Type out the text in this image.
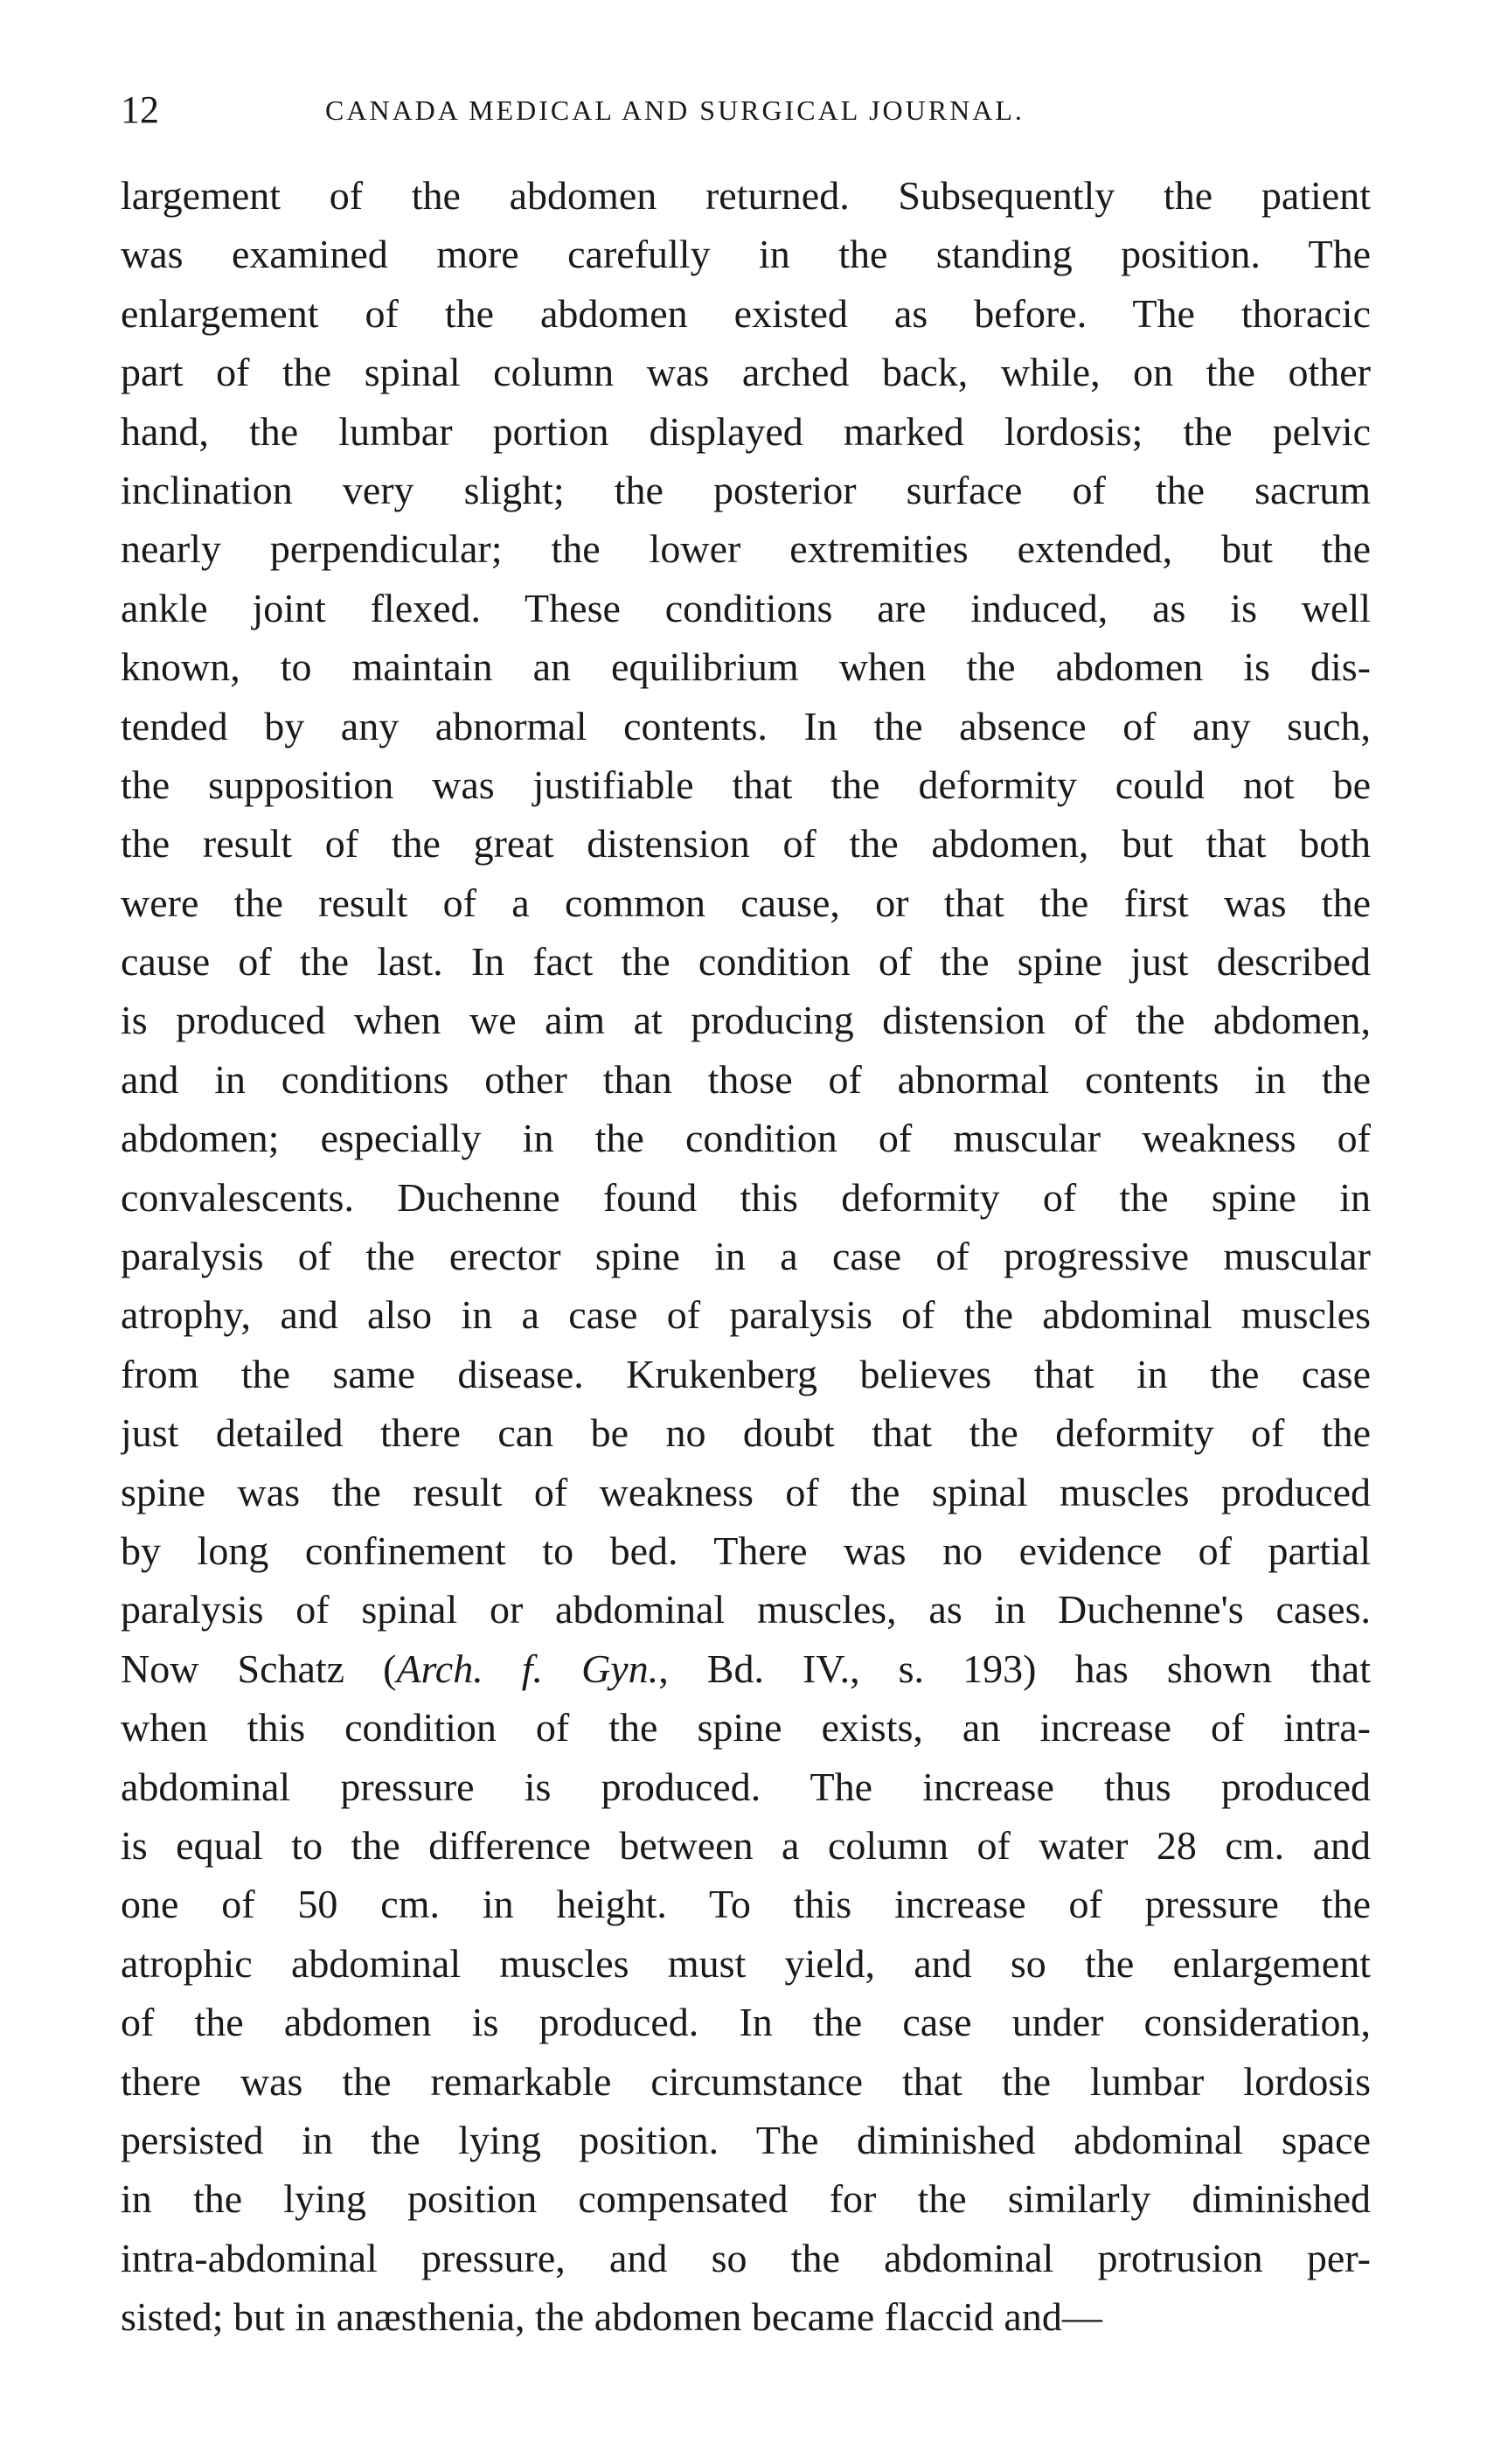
12	CANADA MEDICAL AND SURGICAL JOURNAL.
largement of the abdomen returned. Subsequently the patient
was examined more carefully in the standing position. The
enlargement of the abdomen existed as before. The thoracic
part of the spinal column was arched back, while, on the other
hand, the lumbar portion displayed marked lordosis; the pelvic
inclination very slight; the posterior surface of the sacrum
nearly perpendicular; the lower extremities extended, but the
ankle joint flexed. These conditions are induced, as is well
known, to maintain an equilibrium when the abdomen is dis-
tended by any abnormal contents. In the absence of any such,
the supposition was justifiable that the deformity could not be
the result of the great distension of the abdomen, but that both
were the result of a common cause, or that the first was the
cause of the last. In fact the condition of the spine just described
is produced when we aim at producing distension of the abdomen,
and in conditions other than those of abnormal contents in the
abdomen; especially in the condition of muscular weakness of
convalescents. Duchenne found this deformity of the spine in
paralysis of the erector spine in a case of progressive muscular
atrophy, and also in a case of paralysis of the abdominal muscles
from the same disease. Krukenberg believes that in the case
just detailed there can be no doubt that the deformity of the
spine was the result of weakness of the spinal muscles produced
by long confinement to bed. There was no evidence of partial
paralysis of spinal or abdominal muscles, as in Duchenne's cases.
Now Schatz (Arch. f. Gyn., Bd. IV., s. 193) has shown that
when this condition of the spine exists, an increase of intra-
abdominal pressure is produced. The increase thus produced
is equal to the difference between a column of water 28 cm. and
one of 50 cm. in height. To this increase of pressure the
atrophic abdominal muscles must yield, and so the enlargement
of the abdomen is produced. In the case under consideration,
there was the remarkable circumstance that the lumbar lordosis
persisted in the lying position. The diminished abdominal space
in the lying position compensated for the similarly diminished
intra-abdominal pressure, and so the abdominal protrusion per-
sisted; but in anæsthenia, the abdomen became flaccid and—
